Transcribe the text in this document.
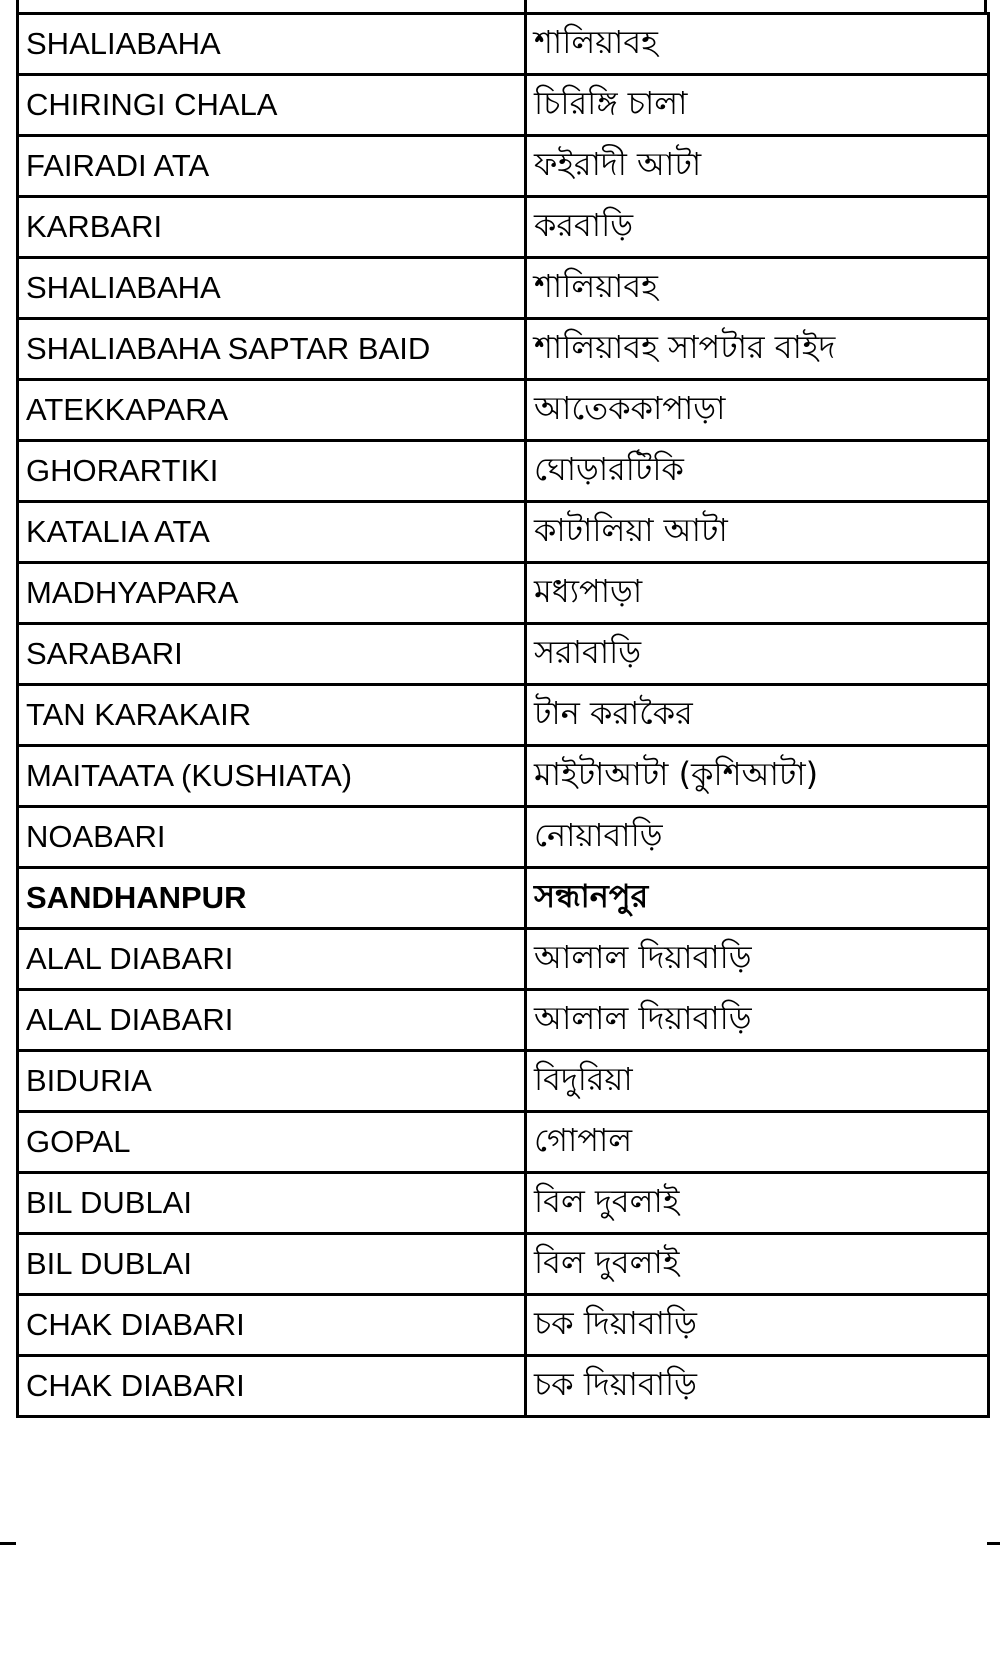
SHALIABAHA	শালিয়াবহ
CHIRINGI CHALA	চিরিঙ্গি চালা
FAIRADI ATA	ফইরাদী আটা
KARBARI	করবাড়ি
SHALIABAHA	শালিয়াবহ
SHALIABAHA SAPTAR BAID	শালিয়াবহ সাপটার বাইদ
ATEKKAPARA	আতেককাপাড়া
GHORARTIKI	ঘোড়ারটিকি
KATALIA ATA	কাটালিয়া আটা
MADHYAPARA	মধ্যপাড়া
SARABARI	সরাবাড়ি
TAN KARAKAIR	টান করাকৈর
MAITAATA (KUSHIATA)	মাইটাআটা (কুশিআটা)
NOABARI	নোয়াবাড়ি
SANDHANPUR	সন্ধানপুর
ALAL DIABARI	আলাল দিয়াবাড়ি
ALAL DIABARI	আলাল দিয়াবাড়ি
BIDURIA	বিদুরিয়া
GOPAL	গোপাল
BIL DUBLAI	বিল দুবলাই
BIL DUBLAI	বিল দুবলাই
CHAK DIABARI	চক দিয়াবাড়ি
CHAK DIABARI	চক দিয়াবাড়ি
